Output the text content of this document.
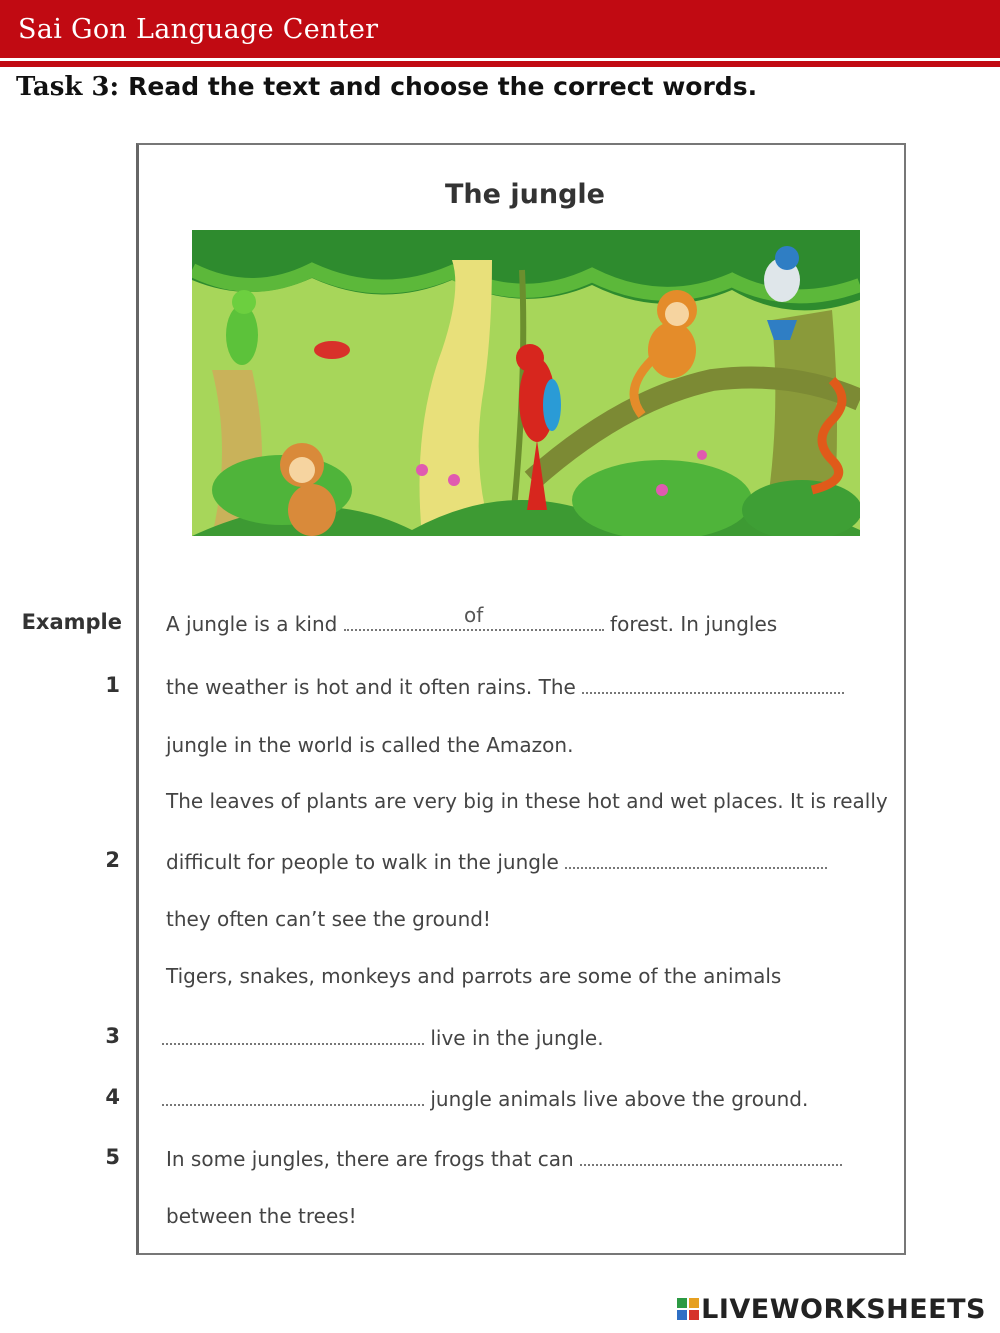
Sai Gon Language Center
Task 3: Read the text and choose the correct words.
The jungle
Example A jungle is a kind	of	forest. In jungles
1 the weather is hot and it often rains. The
jungle in the world is called the Amazon.
The leaves of plants are very big in these hot and wet places. It is really
2 difficult for people to walk in the jungle
they often can’t see the ground!
Tigers, snakes, monkeys and parrots are some of the animals
3	live in the jungle.
4	jungle animals live above the ground.
5 In some jungles, there are frogs that can
between the trees!
LIVEWORKSHEETS
